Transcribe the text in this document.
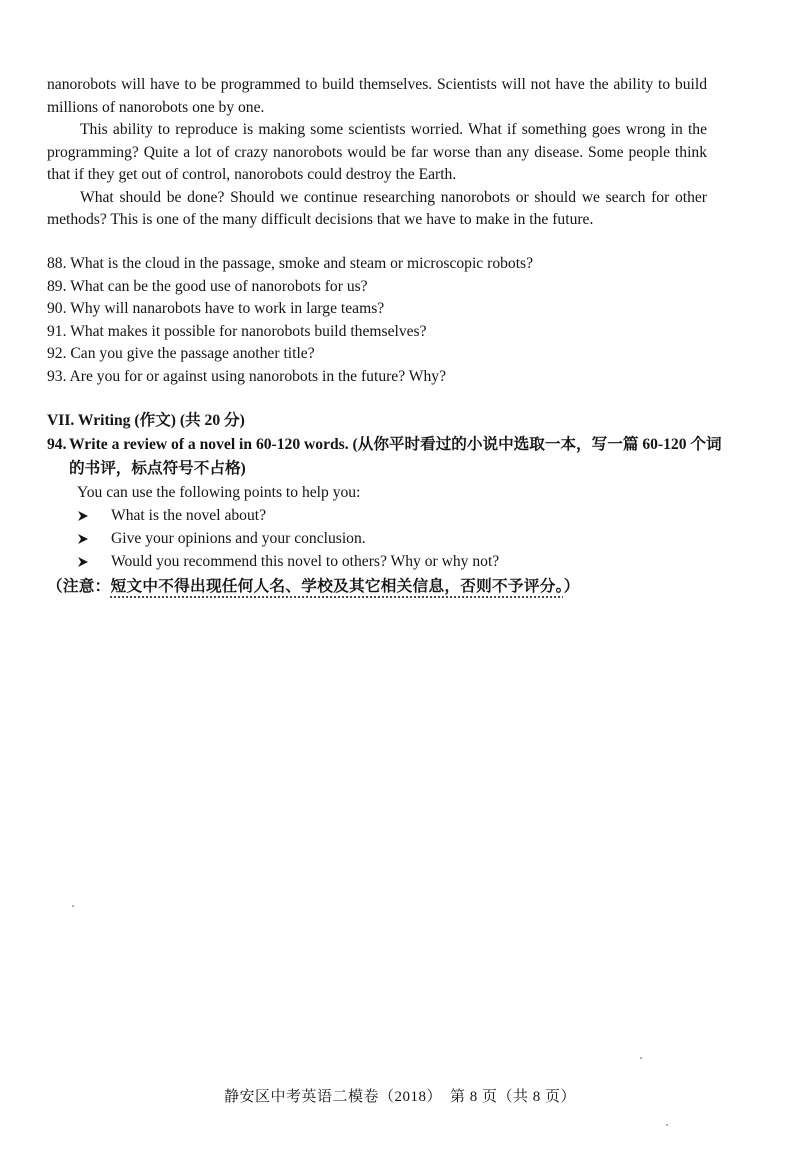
nanorobots will have to be programmed to build themselves. Scientists will not have the ability to build millions of nanorobots one by one.

This ability to reproduce is making some scientists worried. What if something goes wrong in the programming? Quite a lot of crazy nanorobots would be far worse than any disease. Some people think that if they get out of control, nanorobots could destroy the Earth.

What should be done? Should we continue researching nanorobots or should we search for other methods? This is one of the many difficult decisions that we have to make in the future.

88. What is the cloud in the passage, smoke and steam or microscopic robots?
89. What can be the good use of nanorobots for us?
90. Why will nanarobots have to work in large teams?
91. What makes it possible for nanorobots build themselves?
92. Can you give the passage another title?
93. Are you for or against using nanorobots in the future? Why?
VII. Writing (作文) (共 20 分)
94. Write a review of a novel in 60-120 words. (从你平时看过的小说中选取一本，写一篇 60-120 个词的书评，标点符号不占格)
You can use the following points to help you:
What is the novel about?
Give your opinions and your conclusion.
Would you recommend this novel to others? Why or why not?
（注意：短文中不得出现任何人名、学校及其它相关信息，否则不予评分。）
静安区中考英语二模卷（2018）　第 8 页（共 8 页）
